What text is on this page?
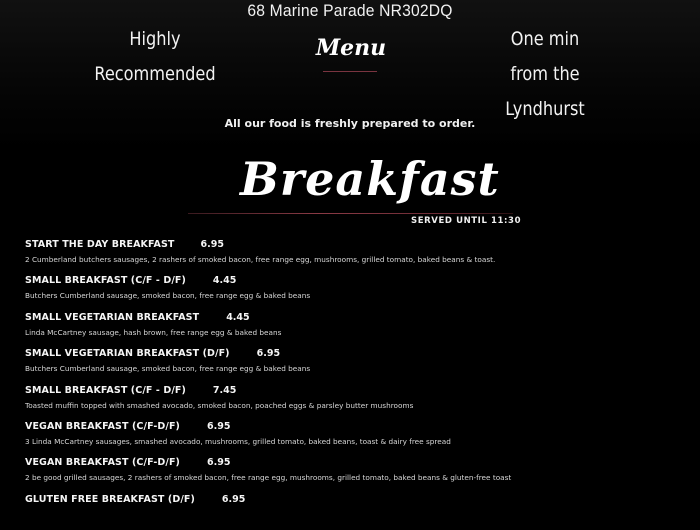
68 Marine Parade NR302DQ
Highly
Recommended
Menu	One min
from the Lyndhurst
All our food is freshly prepared to order.
Breakfast
SERVED UNTIL 11:30
START THE DAY BREAKFAST	6.95
2 Cumberland butchers sausages, 2 rashers of smoked bacon, free range egg, mushrooms, grilled tomato, baked beans & toast.
SMALL BREAKFAST (C/F - D/F)	4.45
Butchers Cumberland sausage, smoked bacon, free range egg & baked beans
SMALL VEGETARIAN BREAKFAST	4.45
Linda McCartney sausage, hash brown, free range egg & baked beans
SMALL VEGETARIAN BREAKFAST (D/F)	6.95
Butchers Cumberland sausage, smoked bacon, free range egg & baked beans
SMALL BREAKFAST (C/F - D/F)	7.45
Toasted muffin topped with smashed avocado, smoked bacon, poached eggs & parsley butter mushrooms
VEGAN BREAKFAST (C/F-D/F)	6.95
3 Linda McCartney sausages, smashed avocado, mushrooms, grilled tomato, baked beans, toast & dairy free spread
VEGAN BREAKFAST (C/F-D/F)	6.95
2 be good grilled sausages, 2 rashers of smoked bacon, free range egg, mushrooms, grilled tomato, baked beans & gluten-free toast
GLUTEN FREE BREAKFAST (D/F)	6.95
